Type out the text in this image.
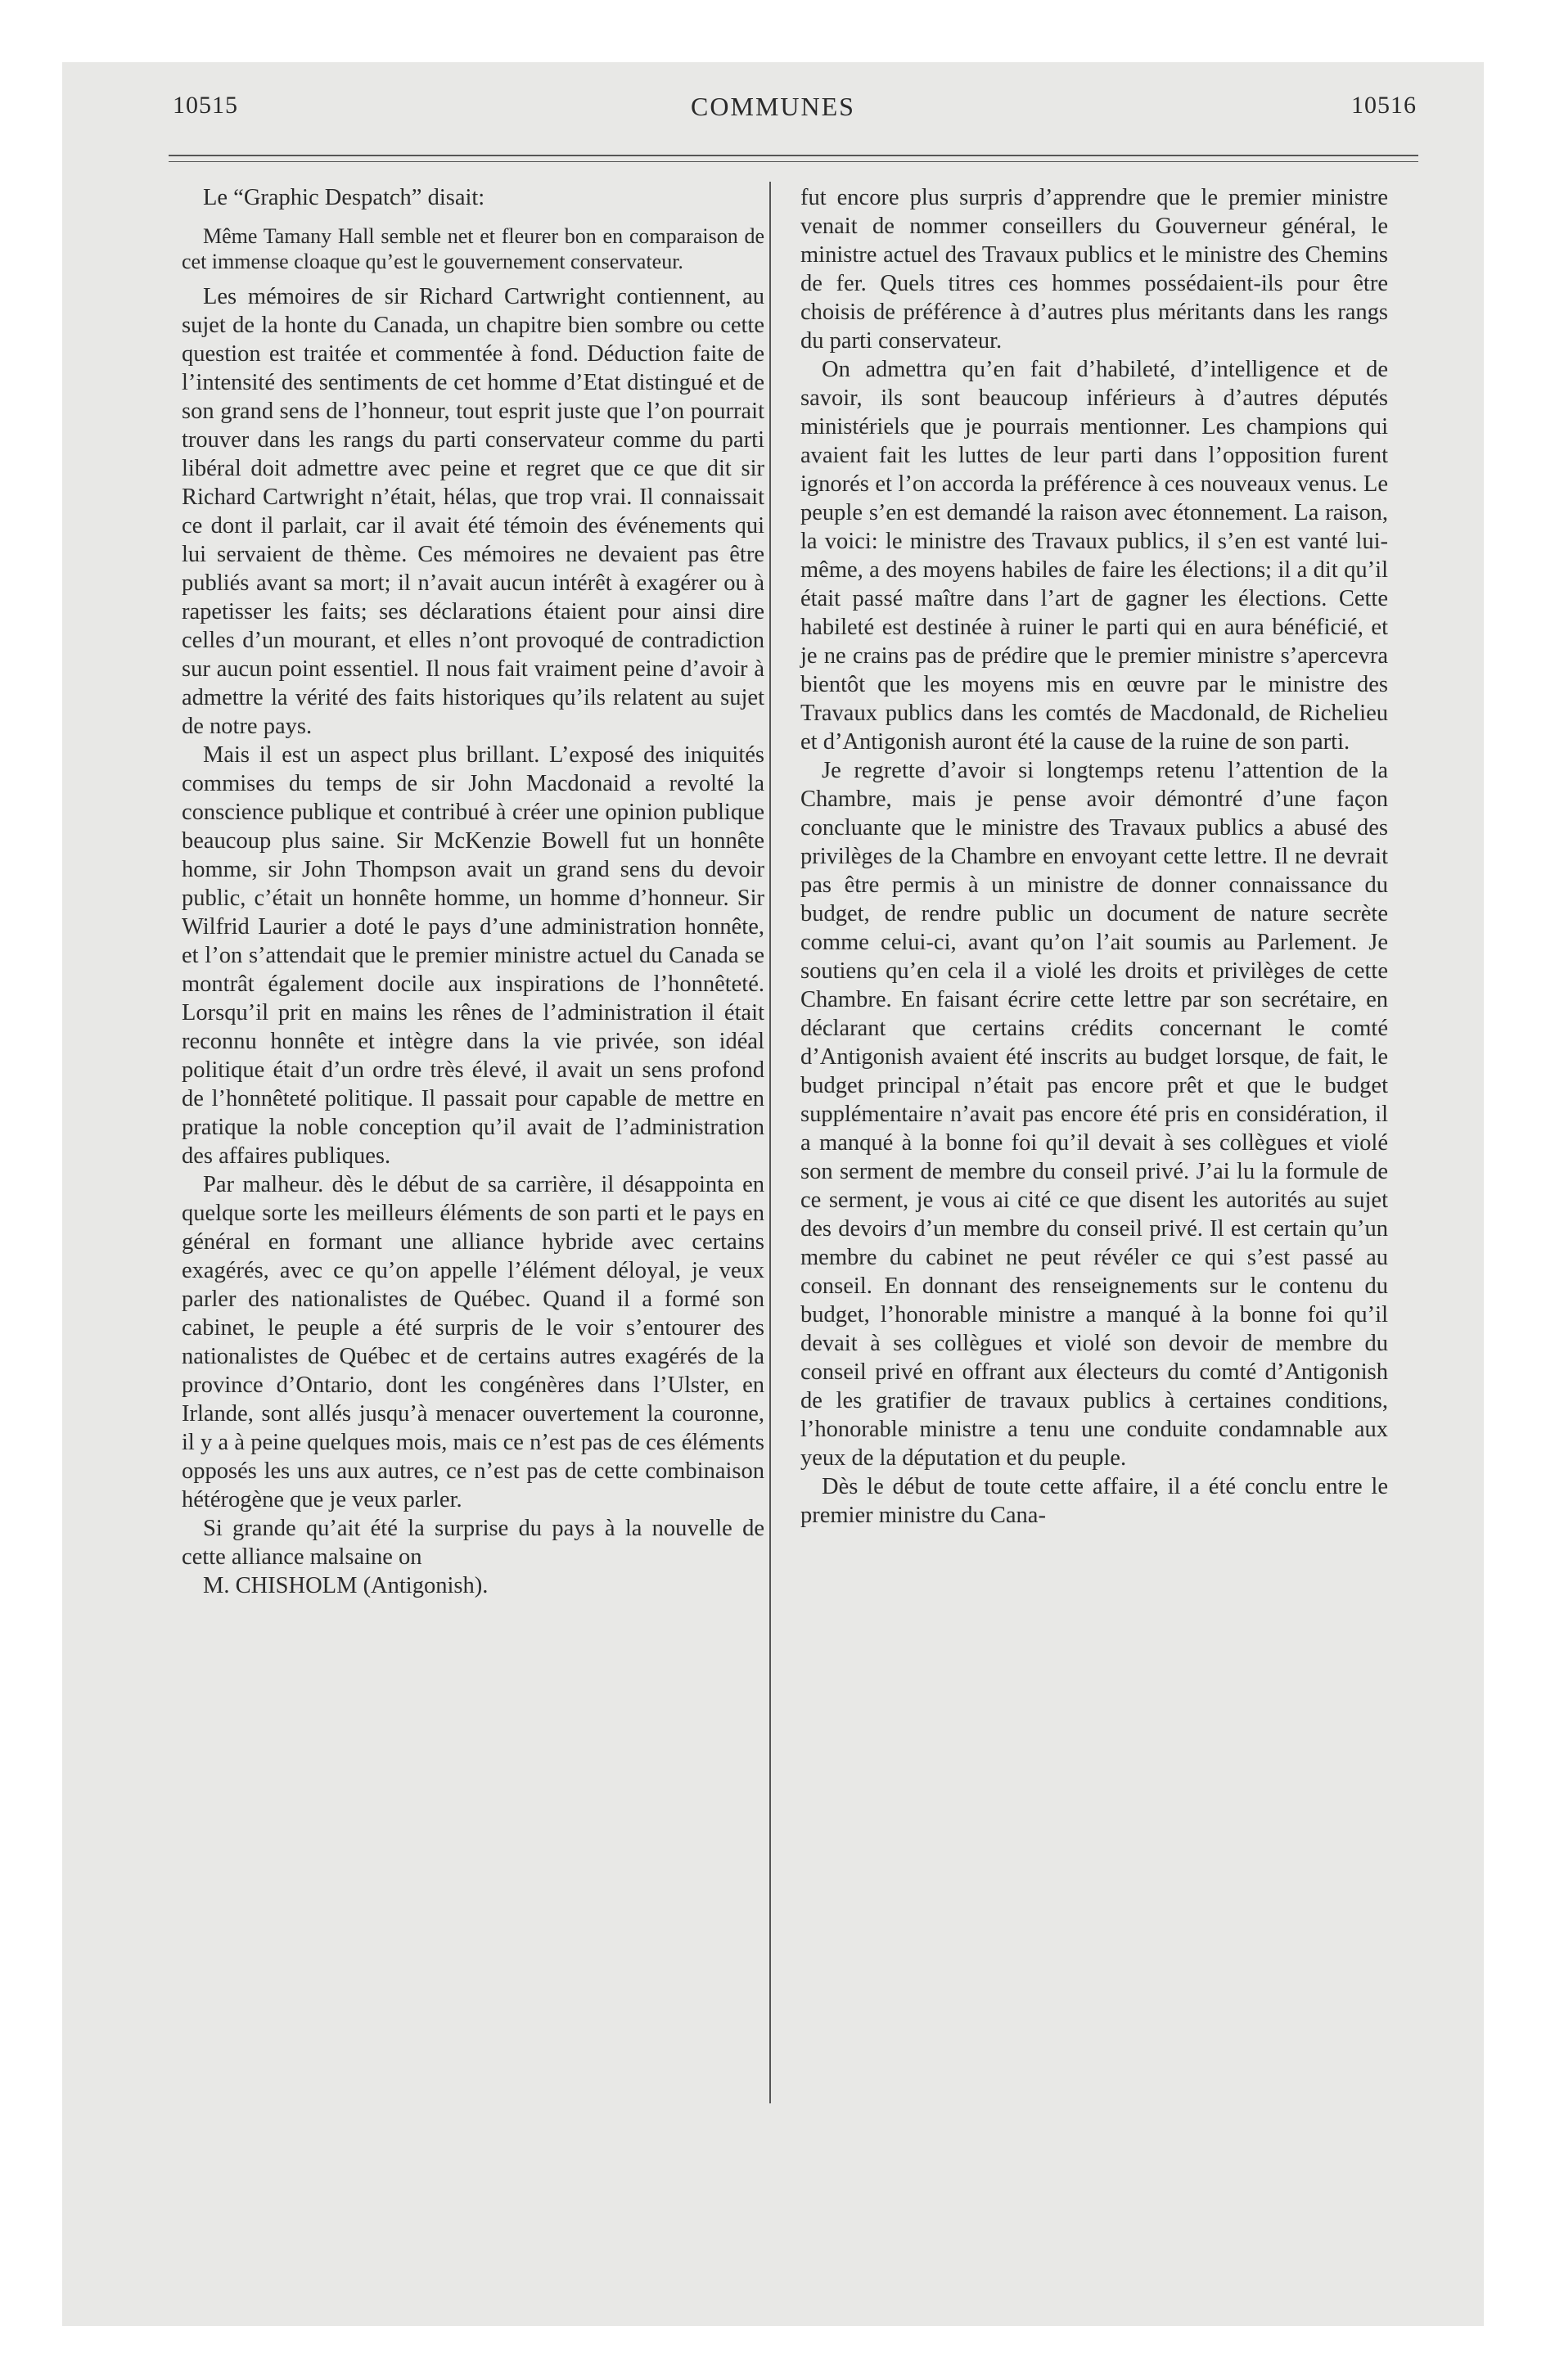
10515	COMMUNES	10516

Le “Graphic Despatch” disait:

Même Tamany Hall semble net et fleurer bon en comparaison de cet immense cloaque qu’est le gouvernement conservateur.

Les mémoires de sir Richard Cartwright contiennent, au sujet de la honte du Canada, un chapitre bien sombre ou cette question est traitée et commentée à fond. Déduction faite de l’intensité des sentiments de cet homme d’Etat distingué et de son grand sens de l’honneur, tout esprit juste que l’on pourrait trouver dans les rangs du parti conservateur comme du parti libéral doit admettre avec peine et regret que ce que dit sir Richard Cartwright n’était, hélas, que trop vrai. Il connaissait ce dont il parlait, car il avait été témoin des événements qui lui servaient de thème. Ces mémoires ne devaient pas être publiés avant sa mort; il n’avait aucun intérêt à exagérer ou à rapetisser les faits; ses déclarations étaient pour ainsi dire celles d’un mourant, et elles n’ont provoqué de contradiction sur aucun point essentiel. Il nous fait vraiment peine d’avoir à admettre la vérité des faits historiques qu’ils relatent au sujet de notre pays.

Mais il est un aspect plus brillant. L’exposé des iniquités commises du temps de sir John Macdonaid a revolté la conscience publique et contribué à créer une opinion publique beaucoup plus saine. Sir McKenzie Bowell fut un honnête homme, sir John Thompson avait un grand sens du devoir public, c’était un honnête homme, un homme d’honneur. Sir Wilfrid Laurier a doté le pays d’une administration honnête, et l’on s’attendait que le premier ministre actuel du Canada se montrât également docile aux inspirations de l’honnêteté. Lorsqu’il prit en mains les rênes de l’administration il était reconnu honnête et intègre dans la vie privée, son idéal politique était d’un ordre très élevé, il avait un sens profond de l’honnêteté politique. Il passait pour capable de mettre en pratique la noble conception qu’il avait de l’administration des affaires publiques.

Par malheur. dès le début de sa carrière, il désappointa en quelque sorte les meilleurs éléments de son parti et le pays en général en formant une alliance hybride avec certains exagérés, avec ce qu’on appelle l’élément déloyal, je veux parler des nationalistes de Québec. Quand il a formé son cabinet, le peuple a été surpris de le voir s’entourer des nationalistes de Québec et de certains autres exagérés de la province d’Ontario, dont les congénères dans l’Ulster, en Irlande, sont allés jusqu’à menacer ouvertement la couronne, il y a à peine quelques mois, mais ce n’est pas de ces éléments opposés les uns aux autres, ce n’est pas de cette combinaison hétérogène que je veux parler.

Si grande qu’ait été la surprise du pays à la nouvelle de cette alliance malsaine on

M. CHISHOLM (Antigonish).

fut encore plus surpris d’apprendre que le premier ministre venait de nommer conseillers du Gouverneur général, le ministre actuel des Travaux publics et le ministre des Chemins de fer. Quels titres ces hommes possédaient-ils pour être choisis de préférence à d’autres plus méritants dans les rangs du parti conservateur.

On admettra qu’en fait d’habileté, d’intelligence et de savoir, ils sont beaucoup inférieurs à d’autres députés ministériels que je pourrais mentionner. Les champions qui avaient fait les luttes de leur parti dans l’opposition furent ignorés et l’on accorda la préférence à ces nouveaux venus. Le peuple s’en est demandé la raison avec étonnement. La raison, la voici: le ministre des Travaux publics, il s’en est vanté lui-même, a des moyens habiles de faire les élections; il a dit qu’il était passé maître dans l’art de gagner les élections. Cette habileté est destinée à ruiner le parti qui en aura bénéficié, et je ne crains pas de prédire que le premier ministre s’apercevra bientôt que les moyens mis en œuvre par le ministre des Travaux publics dans les comtés de Macdonald, de Richelieu et d’Antigonish auront été la cause de la ruine de son parti.

Je regrette d’avoir si longtemps retenu l’attention de la Chambre, mais je pense avoir démontré d’une façon concluante que le ministre des Travaux publics a abusé des privilèges de la Chambre en envoyant cette lettre. Il ne devrait pas être permis à un ministre de donner connaissance du budget, de rendre public un document de nature secrète comme celui-ci, avant qu’on l’ait soumis au Parlement. Je soutiens qu’en cela il a violé les droits et privilèges de cette Chambre. En faisant écrire cette lettre par son secrétaire, en déclarant que certains crédits concernant le comté d’Antigonish avaient été inscrits au budget lorsque, de fait, le budget principal n’était pas encore prêt et que le budget supplémentaire n’avait pas encore été pris en considération, il a manqué à la bonne foi qu’il devait à ses collègues et violé son serment de membre du conseil privé. J’ai lu la formule de ce serment, je vous ai cité ce que disent les autorités au sujet des devoirs d’un membre du conseil privé. Il est certain qu’un membre du cabinet ne peut révéler ce qui s’est passé au conseil. En donnant des renseignements sur le contenu du budget, l’honorable ministre a manqué à la bonne foi qu’il devait à ses collègues et violé son devoir de membre du conseil privé en offrant aux électeurs du comté d’Antigonish de les gratifier de travaux publics à certaines conditions, l’honorable ministre a tenu une conduite condamnable aux yeux de la députation et du peuple.

Dès le début de toute cette affaire, il a été conclu entre le premier ministre du Cana-
